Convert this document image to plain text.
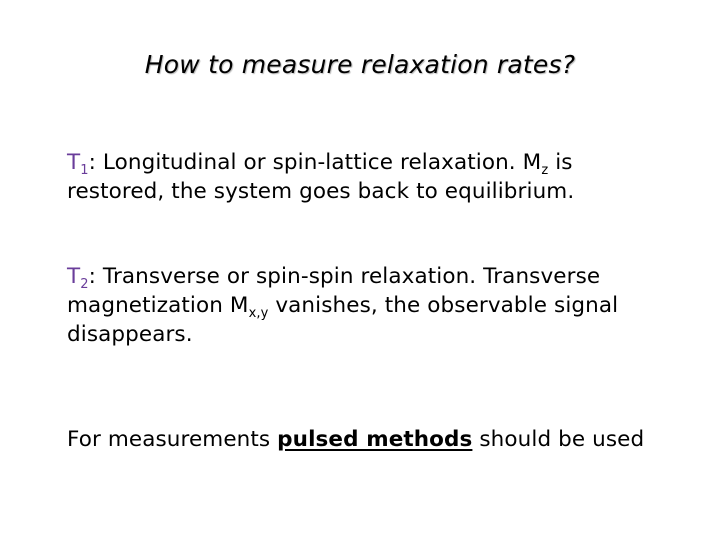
How to measure relaxation rates?
$T_1$: Longitudinal or spin-lattice relaxation. $M_z$ is restored, the system goes back to equilibrium.
$T_2$: Transverse or spin-spin relaxation. Transverse magnetization $M_{x,y}$ vanishes, the observable signal disappears.
For measurements pulsed methods should be used
